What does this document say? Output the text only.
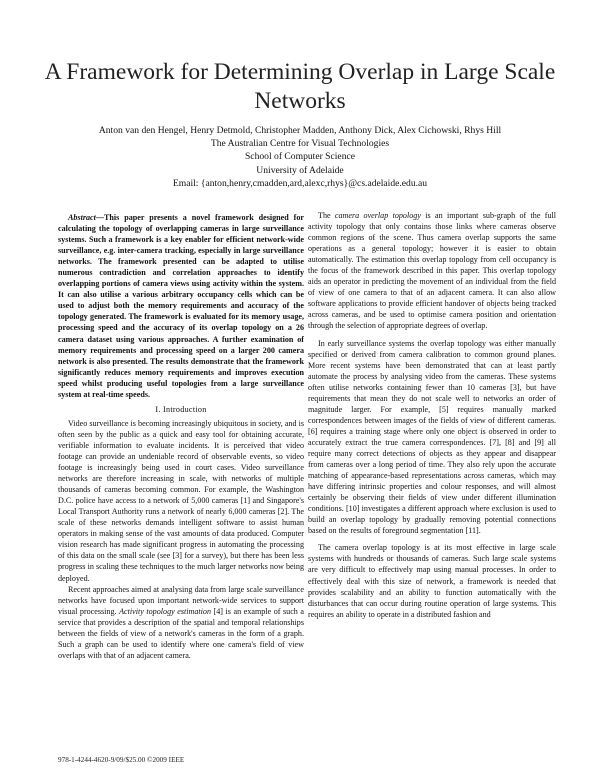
A Framework for Determining Overlap in Large Scale Networks
Anton van den Hengel, Henry Detmold, Christopher Madden, Anthony Dick, Alex Cichowski, Rhys Hill
The Australian Centre for Visual Technologies
School of Computer Science
University of Adelaide
Email: {anton,henry,cmadden,ard,alexc,rhys}@cs.adelaide.edu.au

Abstract—This paper presents a novel framework designed for calculating the topology of overlapping cameras in large surveillance systems. Such a framework is a key enabler for efficient network-wide surveillance, e.g. inter-camera tracking, especially in large surveillance networks. The framework presented can be adapted to utilise numerous contradiction and correlation approaches to identify overlapping portions of camera views using activity within the system. It can also utilise a various arbitrary occupancy cells which can be used to adjust both the memory requirements and accuracy of the topology generated. The framework is evaluated for its memory usage, processing speed and the accuracy of its overlap topology on a 26 camera dataset using various approaches. A further examination of memory requirements and processing speed on a larger 200 camera network is also presented. The results demonstrate that the framework significantly reduces memory requirements and improves execution speed whilst producing useful topologies from a large surveillance system at real-time speeds.

I. Introduction

Video surveillance is becoming increasingly ubiquitous in society, and is often seen by the public as a quick and easy tool for obtaining accurate, verifiable information to evaluate incidents. It is perceived that video footage can provide an undeniable record of observable events, so video footage is increasingly being used in court cases. Video surveillance networks are therefore increasing in scale, with networks of multiple thousands of cameras becoming common. For example, the Washington D.C. police have access to a network of 5,000 cameras [1] and Singapore's Local Transport Authority runs a network of nearly 6,000 cameras [2]. The scale of these networks demands intelligent software to assist human operators in making sense of the vast amounts of data produced. Computer vision research has made significant progress in automating the processing of this data on the small scale (see [3] for a survey), but there has been less progress in scaling these techniques to the much larger networks now being deployed.

Recent approaches aimed at analysing data from large scale surveillance networks have focused upon important network-wide services to support visual processing. Activity topology estimation [4] is an example of such a service that provides a description of the spatial and temporal relationships between the fields of view of a network's cameras in the form of a graph. Such a graph can be used to identify where one camera's field of view overlaps with that of an adjacent camera.

The camera overlap topology is an important sub-graph of the full activity topology that only contains those links where cameras observe common regions of the scene. Thus camera overlap supports the same operations as a general topology; however it is easier to obtain automatically. The estimation this overlap topology from cell occupancy is the focus of the framework described in this paper. This overlap topology aids an operator in predicting the movement of an individual from the field of view of one camera to that of an adjacent camera. It can also allow software applications to provide efficient handover of objects being tracked across cameras, and be used to optimise camera position and orientation through the selection of appropriate degrees of overlap.

In early surveillance systems the overlap topology was either manually specified or derived from camera calibration to common ground planes. More recent systems have been demonstrated that can at least partly automate the process by analysing video from the cameras. These systems often utilise networks containing fewer than 10 cameras [3], but have requirements that mean they do not scale well to networks an order of magnitude larger. For example, [5] requires manually marked correspondences between images of the fields of view of different cameras. [6] requires a training stage where only one object is observed in order to accurately extract the true camera correspondences. [7], [8] and [9] all require many correct detections of objects as they appear and disappear from cameras over a long period of time. They also rely upon the accurate matching of appearance-based representations across cameras, which may have differing intrinsic properties and colour responses, and will almost certainly be observing their fields of view under different illumination conditions. [10] investigates a different approach where exclusion is used to build an overlap topology by gradually removing potential connections based on the results of foreground segmentation [11].

The camera overlap topology is at its most effective in large scale systems with hundreds or thousands of cameras. Such large scale systems are very difficult to effectively map using manual processes. In order to effectively deal with this size of network, a framework is needed that provides scalability and an ability to function automatically with the disturbances that can occur during routine operation of large systems. This requires an ability to operate in a distributed fashion and

978-1-4244-4620-9/09/$25.00 ©2009 IEEE
